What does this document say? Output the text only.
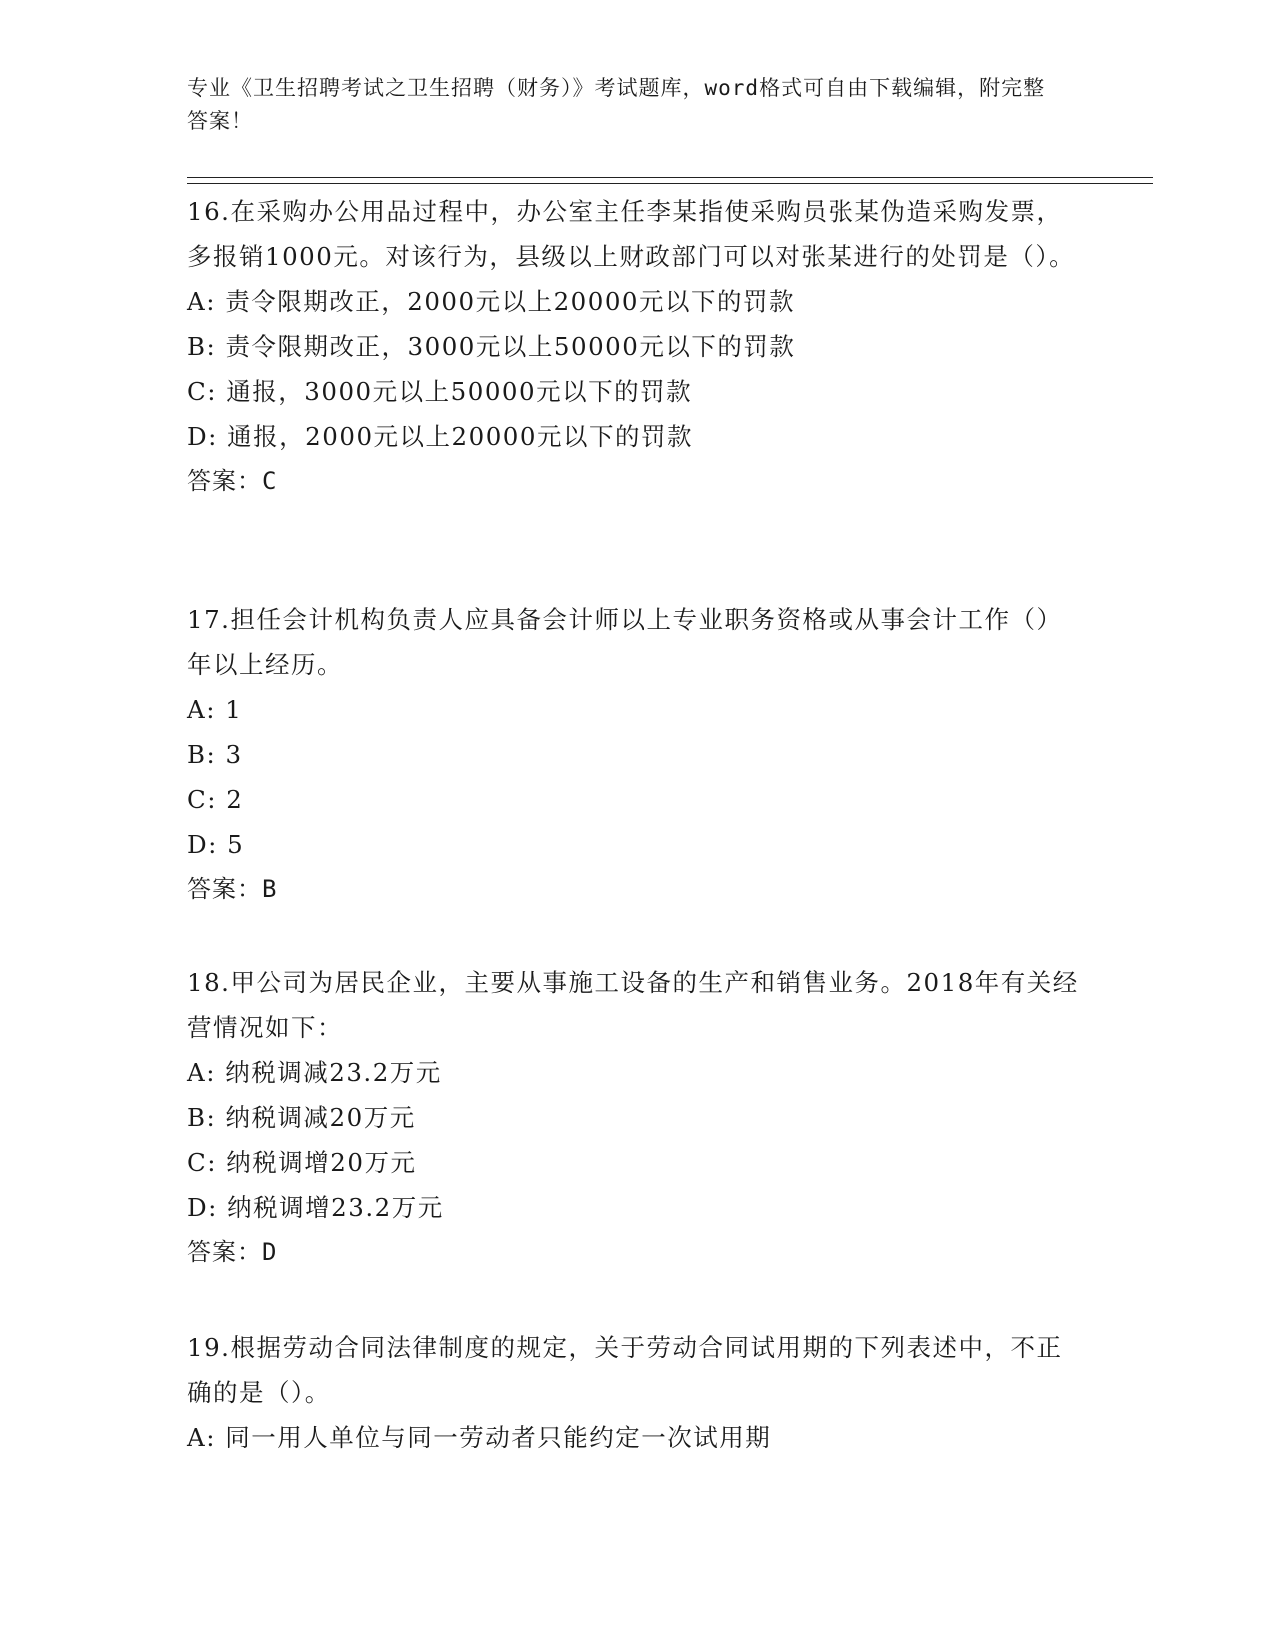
专业《卫生招聘考试之卫生招聘（财务）》考试题库，word格式可自由下载编辑，附完整答案！
16.在采购办公用品过程中，办公室主任李某指使采购员张某伪造采购发票，多报销1000元。对该行为，县级以上财政部门可以对张某进行的处罚是（）。
A: 责令限期改正，2000元以上20000元以下的罚款
B: 责令限期改正，3000元以上50000元以下的罚款
C: 通报，3000元以上50000元以下的罚款
D: 通报，2000元以上20000元以下的罚款
答案：C
17.担任会计机构负责人应具备会计师以上专业职务资格或从事会计工作（）年以上经历。
A: 1
B: 3
C: 2
D: 5
答案：B
18.甲公司为居民企业，主要从事施工设备的生产和销售业务。2018年有关经营情况如下：
A: 纳税调减23.2万元
B: 纳税调减20万元
C: 纳税调增20万元
D: 纳税调增23.2万元
答案：D
19.根据劳动合同法律制度的规定，关于劳动合同试用期的下列表述中，不正确的是（）。
A: 同一用人单位与同一劳动者只能约定一次试用期
